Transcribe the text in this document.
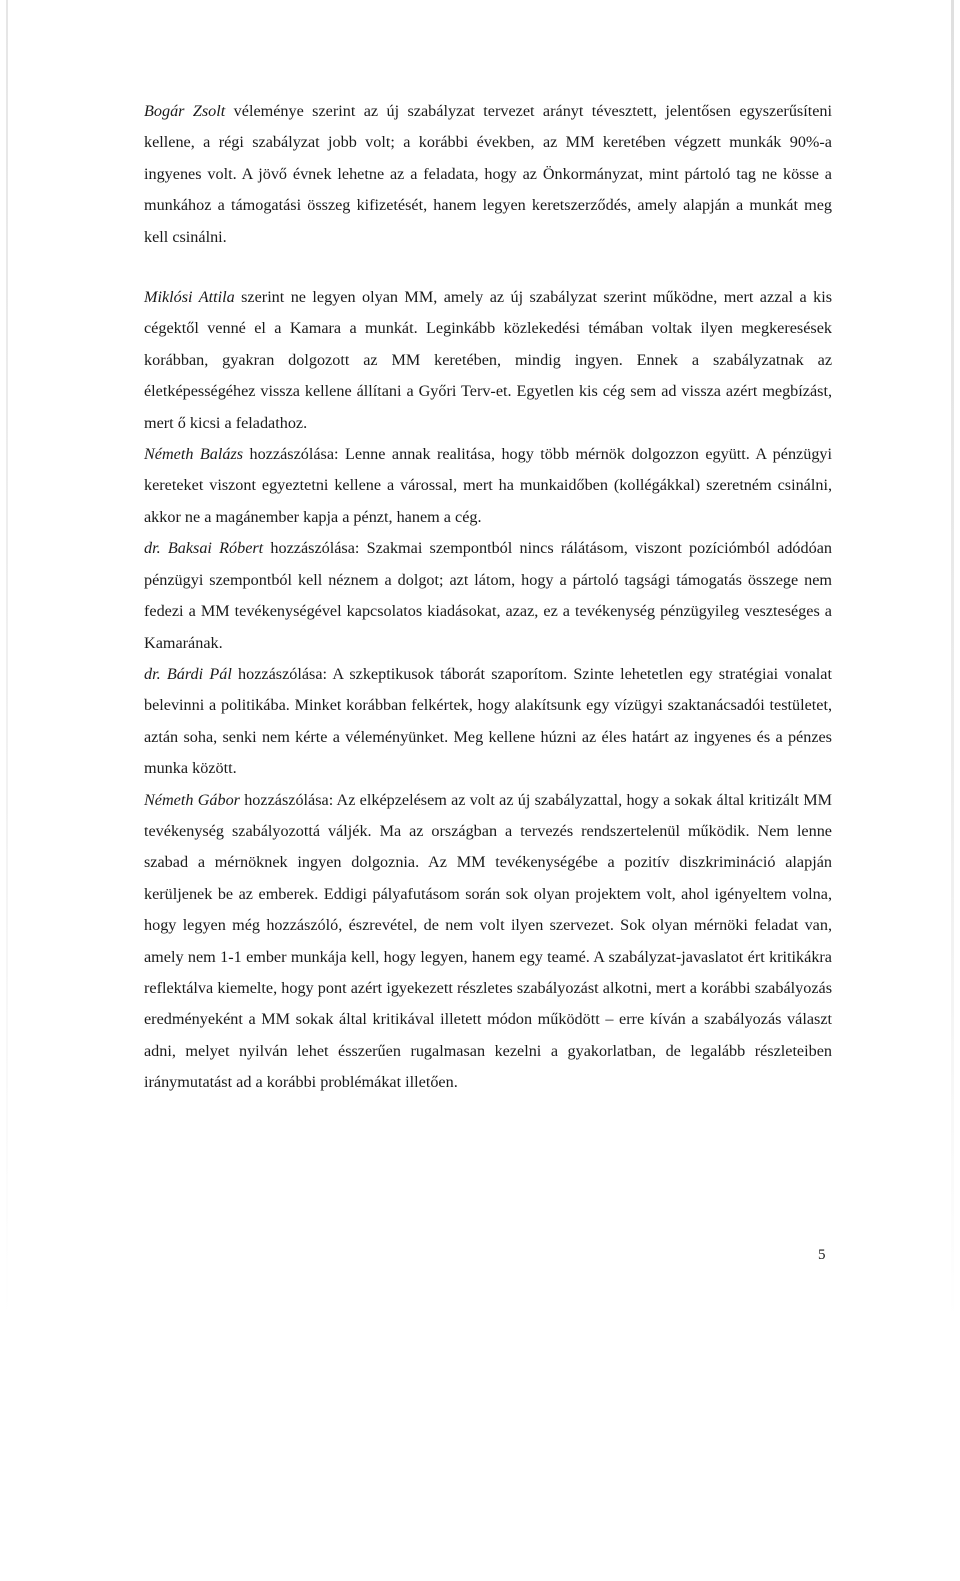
Bogár Zsolt véleménye szerint az új szabályzat tervezet arányt tévesztett, jelentősen egyszerűsíteni kellene, a régi szabályzat jobb volt; a korábbi években, az MM keretében végzett munkák 90%-a ingyenes volt. A jövő évnek lehetne az a feladata, hogy az Önkormányzat, mint pártoló tag ne kösse a munkához a támogatási összeg kifizetését, hanem legyen keretszerződés, amely alapján a munkát meg kell csinálni.

Miklósi Attila szerint ne legyen olyan MM, amely az új szabályzat szerint működne, mert azzal a kis cégektől venné el a Kamara a munkát. Leginkább közlekedési témában voltak ilyen megkeresések korábban, gyakran dolgozott az MM keretében, mindig ingyen. Ennek a szabályzatnak az életképességéhez vissza kellene állítani a Győri Terv-et. Egyetlen kis cég sem ad vissza azért megbízást, mert ő kicsi a feladathoz.

Németh Balázs hozzászólása: Lenne annak realitása, hogy több mérnök dolgozzon együtt. A pénzügyi kereteket viszont egyeztetni kellene a várossal, mert ha munkaidőben (kollégákkal) szeretném csinálni, akkor ne a magánember kapja a pénzt, hanem a cég.

dr. Baksai Róbert hozzászólása: Szakmai szempontból nincs rálátásom, viszont pozíciómból adódóan pénzügyi szempontból kell néznem a dolgot; azt látom, hogy a pártoló tagsági támogatás összege nem fedezi a MM tevékenységével kapcsolatos kiadásokat, azaz, ez a tevékenység pénzügyileg veszteséges a Kamarának.

dr. Bárdi Pál hozzászólása: A szkeptikusok táborát szaporítom. Szinte lehetetlen egy stratégiai vonalat belevinni a politikába. Minket korábban felkértek, hogy alakítsunk egy vízügyi szaktanácsadói testületet, aztán soha, senki nem kérte a véleményünket. Meg kellene húzni az éles határt az ingyenes és a pénzes munka között.

Németh Gábor hozzászólása: Az elképzelésem az volt az új szabályzattal, hogy a sokak által kritizált MM tevékenység szabályozottá váljék. Ma az országban a tervezés rendszertelenül működik. Nem lenne szabad a mérnöknek ingyen dolgoznia. Az MM tevékenységébe a pozitív diszkrimináció alapján kerüljenek be az emberek. Eddigi pályafutásom során sok olyan projektem volt, ahol igényeltem volna, hogy legyen még hozzászóló, észrevétel, de nem volt ilyen szervezet. Sok olyan mérnöki feladat van, amely nem 1-1 ember munkája kell, hogy legyen, hanem egy teamé. A szabályzat-javaslatot ért kritikákra reflektálva kiemelte, hogy pont azért igyekezett részletes szabályozást alkotni, mert a korábbi szabályozás eredményeként a MM sokak által kritikával illetett módon működött – erre kíván a szabályozás választ adni, melyet nyilván lehet ésszerűen rugalmasan kezelni a gyakorlatban, de legalább részleteiben iránymutatást ad a korábbi problémákat illetően.

5
